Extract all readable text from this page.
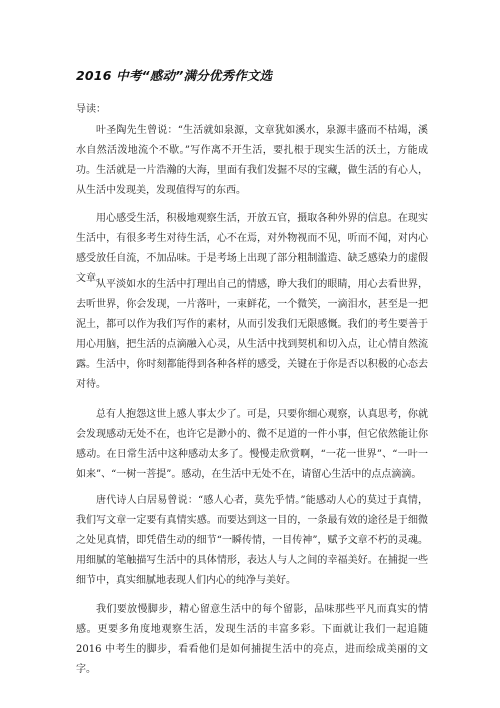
2016 中考“感动”满分优秀作文选
导读：

叶圣陶先生曾说：“生活就如泉源，文章犹如溪水，泉源丰盛而不枯竭，溪水自然活泼地流个不歇。”写作离不开生活，要扎根于现实生活的沃土，方能成功。生活就是一片浩瀚的大海，里面有我们发掘不尽的宝藏，做生活的有心人，从生活中发现美，发现值得写的东西。

用心感受生活，积极地观察生活，开放五官，摄取各种外界的信息。在现实生活中，有很多考生对待生活，心不在焉，对外物视而不见，听而不闻，对内心感受放任自流，不加品味。于是考场上出现了部分粗制滥造、缺乏感染力的虚假文章。

从平淡如水的生活中打理出自己的情感，睁大我们的眼睛，用心去看世界，去听世界，你会发现，一片落叶，一束鲜花，一个微笑，一滴泪水，甚至是一把泥土，都可以作为我们写作的素材，从而引发我们无限感慨。我们的考生要善于用心用脑，把生活的点滴融入心灵，从生活中找到契机和切入点，让心情自然流露。生活中，你时刻都能得到各种各样的感受，关键在于你是否以积极的心态去对待。

总有人抱怨这世上感人事太少了。可是，只要你细心观察，认真思考，你就会发现感动无处不在，也许它是渺小的、微不足道的一件小事，但它依然能让你感动。在日常生活中这种感动太多了。慢慢走欣赏啊，“一花一世界”、“一叶一如来”、“一树一菩提”。感动，在生活中无处不在，请留心生活中的点点滴滴。

唐代诗人白居易曾说：“感人心者，莫先乎情。”能感动人心的莫过于真情，我们写文章一定要有真情实感。而要达到这一目的，一条最有效的途径是于细微之处见真情，即凭借生动的细节“一瞬传情，一目传神”，赋予文章不朽的灵魂。用细腻的笔触描写生活中的具体情形，表达人与人之间的幸福美好。在捕捉一些细节中，真实细腻地表现人们内心的纯净与美好。

我们要放慢脚步，精心留意生活中的每个留影，品味那些平凡而真实的情感。更要多角度地观察生活，发现生活的丰富多彩。下面就让我们一起追随 2016 中考生的脚步，看看他们是如何捕捉生活中的亮点，进而绘成美丽的文字。
